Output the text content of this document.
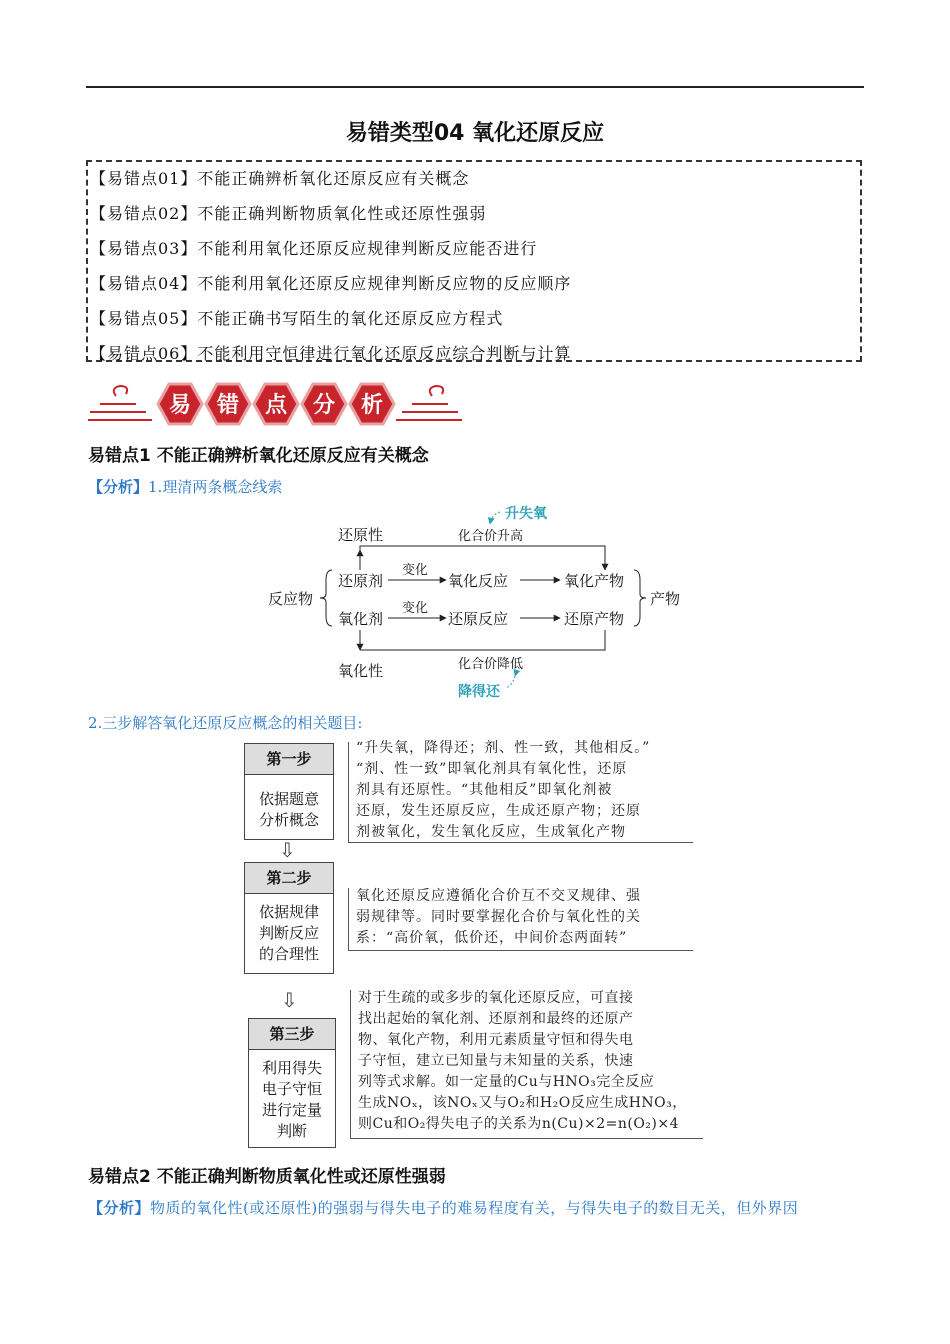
易错类型04 氧化还原反应
【易错点01】不能正确辨析氧化还原反应有关概念
【易错点02】不能正确判断物质氧化性或还原性强弱
【易错点03】不能利用氧化还原反应规律判断反应能否进行
【易错点04】不能利用氧化还原反应规律判断反应物的反应顺序
【易错点05】不能正确书写陌生的氧化还原反应方程式
【易错点06】不能利用守恒律进行氧化还原反应综合判断与计算
易 错 点 分 析
易错点1 不能正确辨析氧化还原反应有关概念
【分析】1.理清两条概念线索
升失氧
化合价升高
还原性
反应物
还原剂
氧化剂
变化
氧化反应	氧化产物
变化
还原反应	还原产物
产物
氧化性	化合价降低
降得还
2.三步解答氧化还原反应概念的相关题目:
第一步
依据题意
分析概念
“升失氧，降得还；剂、性一致，其他相反。”
“剂、性一致”即氧化剂具有氧化性，还原
剂具有还原性。“其他相反”即氧化剂被
还原，发生还原反应，生成还原产物；还原
剂被氧化，发生氧化反应，生成氧化产物
⇩
第二步
依据规律
判断反应
的合理性
氧化还原反应遵循化合价互不交叉规律、强
弱规律等。同时要掌握化合价与氧化性的关
系：“高价氧，低价还，中间价态两面转”
⇩
第三步
利用得失
电子守恒
进行定量
判断
对于生疏的或多步的氧化还原反应，可直接
找出起始的氧化剂、还原剂和最终的还原产
物、氧化产物，利用元素质量守恒和得失电
子守恒，建立已知量与未知量的关系，快速
列等式求解。如一定量的Cu与HNO₃完全反应
生成NOₓ，该NOₓ又与O₂和H₂O反应生成HNO₃，
则Cu和O₂得失电子的关系为n(Cu)×2=n(O₂)×4
易错点2 不能正确判断物质氧化性或还原性强弱
【分析】物质的氧化性(或还原性)的强弱与得失电子的难易程度有关，与得失电子的数目无关，但外界因
